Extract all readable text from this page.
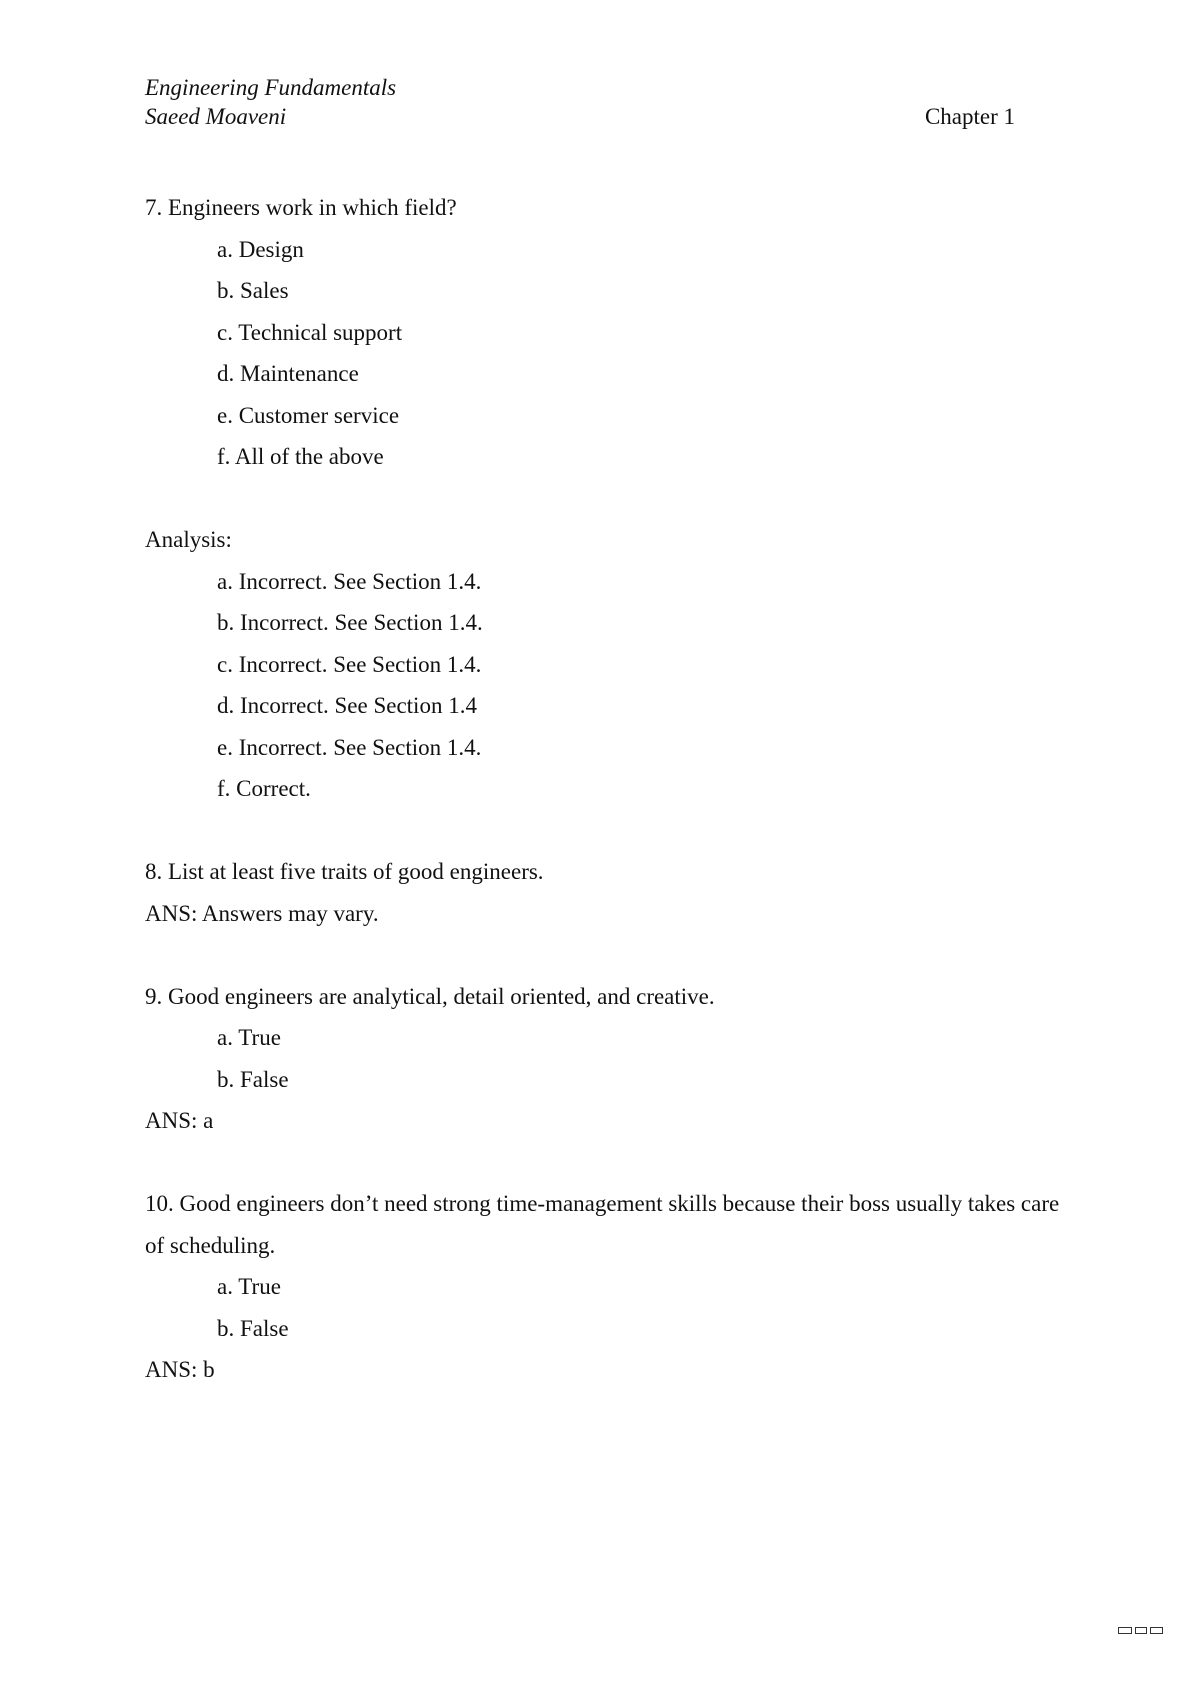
Engineering Fundamentals
Saeed Moaveni	Chapter 1
7. Engineers work in which field?
a. Design
b. Sales
c. Technical support
d. Maintenance
e. Customer service
f. All of the above
Analysis:
a. Incorrect. See Section 1.4.
b. Incorrect. See Section 1.4.
c. Incorrect. See Section 1.4.
d. Incorrect. See Section 1.4
e. Incorrect. See Section 1.4.
f. Correct.
8. List at least five traits of good engineers.
ANS: Answers may vary.
9. Good engineers are analytical, detail oriented, and creative.
a. True
b. False
ANS: a
10. Good engineers don’t need strong time-management skills because their boss usually takes care of scheduling.
a. True
b. False
ANS: b
